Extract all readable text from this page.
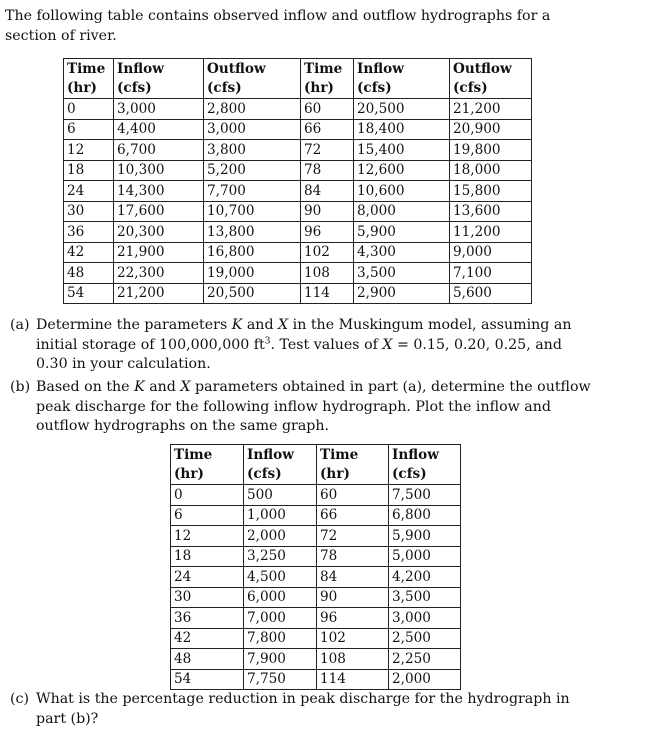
The following table contains observed inflow and outflow hydrographs for a section of river.
Time	Inflow	Outflow	Time	Inflow	Outflow
(hr)	(cfs)	(cfs)	(hr)	(cfs)	(cfs)
0	3,000	2,800	60	20,500	21,200
6	4,400	3,000	66	18,400	20,900
12	6,700	3,800	72	15,400	19,800
18	10,300	5,200	78	12,600	18,000
24	14,300	7,700	84	10,600	15,800
30	17,600	10,700	90	8,000	13,600
36	20,300	13,800	96	5,900	11,200
42	21,900	16,800	102	4,300	9,000
48	22,300	19,000	108	3,500	7,100
54	21,200	20,500	114	2,900	5,600
(a) Determine the parameters K and X in the Muskingum model, assuming an initial storage of 100,000,000 $ft^3$. Test values of X = 0.15, 0.20, 0.25, and 0.30 in your calculation.
(b) Based on the K and X parameters obtained in part (a), determine the outflow peak discharge for the following inflow hydrograph. Plot the inflow and outflow hydrographs on the same graph.
Time	Inflow	Time	Inflow
(hr)	(cfs)	(hr)	(cfs)
0	500	60	7,500
6	1,000	66	6,800
12	2,000	72	5,900
18	3,250	78	5,000
24	4,500	84	4,200
30	6,000	90	3,500
36	7,000	96	3,000
42	7,800	102	2,500
48	7,900	108	2,250
54	7,750	114	2,000
(c) What is the percentage reduction in peak discharge for the hydrograph in part (b)?
